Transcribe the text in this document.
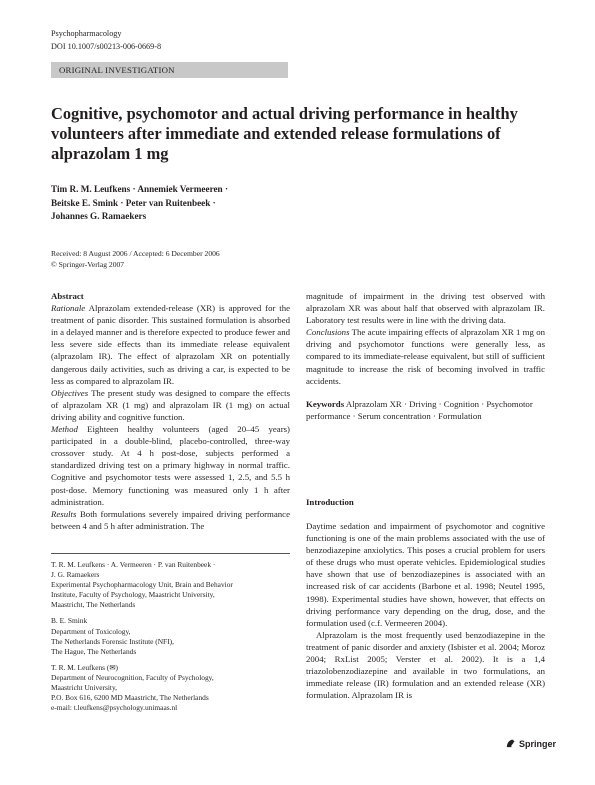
Psychopharmacology
DOI 10.1007/s00213-006-0669-8
ORIGINAL INVESTIGATION
Cognitive, psychomotor and actual driving performance in healthy volunteers after immediate and extended release formulations of alprazolam 1 mg
Tim R. M. Leufkens · Annemiek Vermeeren ·
Beitske E. Smink · Peter van Ruitenbeek ·
Johannes G. Ramaekers
Received: 8 August 2006 / Accepted: 6 December 2006
© Springer-Verlag 2007

Abstract

Rationale Alprazolam extended-release (XR) is approved for the treatment of panic disorder. This sustained formulation is absorbed in a delayed manner and is therefore expected to produce fewer and less severe side effects than its immediate release equivalent (alprazolam IR). The effect of alprazolam XR on potentially dangerous daily activities, such as driving a car, is expected to be less as compared to alprazolam IR.

Objectives The present study was designed to compare the effects of alprazolam XR (1 mg) and alprazolam IR (1 mg) on actual driving ability and cognitive function.

Method Eighteen healthy volunteers (aged 20–45 years) participated in a double-blind, placebo-controlled, three-way crossover study. At 4 h post-dose, subjects performed a standardized driving test on a primary highway in normal traffic. Cognitive and psychomotor tests were assessed 1, 2.5, and 5.5 h post-dose. Memory functioning was measured only 1 h after administration.

Results Both formulations severely impaired driving performance between 4 and 5 h after administration. The

T. R. M. Leufkens · A. Vermeeren · P. van Ruitenbeek ·
J. G. Ramaekers
Experimental Psychopharmacology Unit, Brain and Behavior
Institute, Faculty of Psychology, Maastricht University,
Maastricht, The Netherlands
B. E. Smink
Department of Toxicology,
The Netherlands Forensic Institute (NFI),
The Hague, The Netherlands
T. R. M. Leufkens (✉)
Department of Neurocognition, Faculty of Psychology,
Maastricht University,
P.O. Box 616, 6200 MD Maastricht, The Netherlands
e-mail: t.leufkens@psychology.unimaas.nl

magnitude of impairment in the driving test observed with alprazolam XR was about half that observed with alprazolam IR. Laboratory test results were in line with the driving data.

Conclusions The acute impairing effects of alprazolam XR 1 mg on driving and psychomotor functions were generally less, as compared to its immediate-release equivalent, but still of sufficient magnitude to increase the risk of becoming involved in traffic accidents.

Keywords Alprazolam XR · Driving · Cognition · Psychomotor performance · Serum concentration · Formulation

Introduction

Daytime sedation and impairment of psychomotor and cognitive functioning is one of the main problems associated with the use of benzodiazepine anxiolytics. This poses a crucial problem for users of these drugs who must operate vehicles. Epidemiological studies have shown that use of benzodiazepines is associated with an increased risk of car accidents (Barbone et al. 1998; Neutel 1995, 1998). Experimental studies have shown, however, that effects on driving performance vary depending on the drug, dose, and the formulation used (c.f. Vermeeren 2004).

Alprazolam is the most frequently used benzodiazepine in the treatment of panic disorder and anxiety (Isbister et al. 2004; Moroz 2004; RxList 2005; Verster et al. 2002). It is a 1,4 triazolobenzodiazepine and available in two formulations, an immediate release (IR) formulation and an extended release (XR) formulation. Alprazolam IR is

Springer
